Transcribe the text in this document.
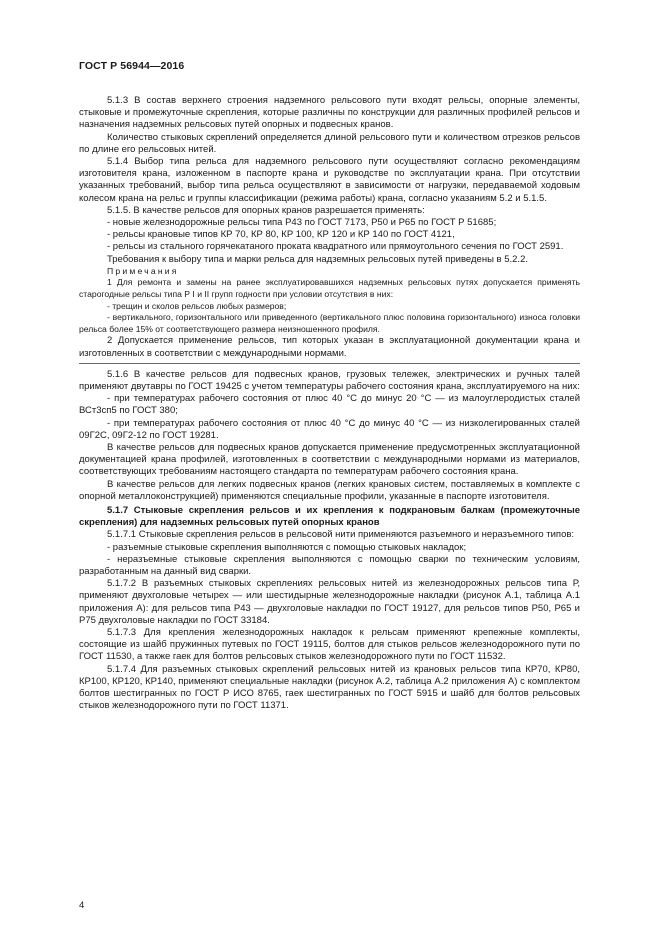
ГОСТ Р 56944—2016

5.1.3 В состав верхнего строения надземного рельсового пути входят рельсы, опорные элементы, стыковые и промежуточные скрепления, которые различны по конструкции для различных профилей рельсов и назначения надземных рельсовых путей опорных и подвесных кранов.

Количество стыковых скреплений определяется длиной рельсового пути и количеством отрезков рельсов по длине его рельсовых нитей.

5.1.4 Выбор типа рельса для надземного рельсового пути осуществляют согласно рекомендациям изготовителя крана, изложенном в паспорте крана и руководстве по эксплуатации крана. При отсутствии указанных требований, выбор типа рельса осуществляют в зависимости от нагрузки, передаваемой ходовым колесом крана на рельс и группы классификации (режима работы) крана, согласно указаниям 5.2 и 5.1.5.

5.1.5. В качестве рельсов для опорных кранов разрешается применять:

- новые железнодорожные рельсы типа Р43 по ГОСТ 7173, Р50 и Р65 по ГОСТ Р 51685;

- рельсы крановые типов КР 70, КР 80, КР 100, КР 120 и КР 140 по ГОСТ 4121,

- рельсы из стального горячекатаного проката квадратного или прямоугольного сечения по ГОСТ 2591.

Требования к выбору типа и марки рельса для надземных рельсовых путей приведены в 5.2.2.

Примечания

1 Для ремонта и замены на ранее эксплуатировавшихся надземных рельсовых путях допускается применять старогодные рельсы типа Р I и II групп годности при условии отсутствия в них:

- трещин и сколов рельсов любых размеров;

- вертикального, горизонтального или приведенного (вертикального плюс половина горизонтального) износа головки рельса более 15% от соответствующего размера неизношенного профиля.

2 Допускается применение рельсов, тип которых указан в эксплуатационной документации крана и изготовленных в соответствии с международными нормами.

5.1.6 В качестве рельсов для подвесных кранов, грузовых тележек, электрических и ручных талей применяют двутавры по ГОСТ 19425 с учетом температуры рабочего состояния крана, эксплуатируемого на них:

- при температурах рабочего состояния от плюс 40 °С до минус 20 °С — из малоуглеродистых сталей ВСт3сп5 по ГОСТ 380;

- при температурах рабочего состояния от плюс 40 °С до минус 40 °С — из низколегированных сталей 09Г2С, 09Г2-12 по ГОСТ 19281.

В качестве рельсов для подвесных кранов допускается применение предусмотренных эксплуатационной документацией крана профилей, изготовленных в соответствии с международными нормами из материалов, соответствующих требованиям настоящего стандарта по температурам рабочего состояния крана.

В качестве рельсов для легких подвесных кранов (легких крановых систем, поставляемых в комплекте с опорной металлоконструкцией) применяются специальные профили, указанные в паспорте изготовителя.

5.1.7 Стыковые скрепления рельсов и их крепления к подкрановым балкам (промежуточные скрепления) для надземных рельсовых путей опорных кранов

5.1.7.1 Стыковые скрепления рельсов в рельсовой нити применяются разъемного и неразъемного типов:

- разъемные стыковые скрепления выполняются с помощью стыковых накладок;

- неразъемные стыковые скрепления выполняются с помощью сварки по техническим условиям, разработанным на данный вид сварки.

5.1.7.2 В разъемных стыковых скреплениях рельсовых нитей из железнодорожных рельсов типа Р, применяют двухголовые четырех — или шестидырные железнодорожные накладки (рисунок А.1, таблица А.1 приложения А): для рельсов типа Р43 — двухголовые накладки по ГОСТ 19127, для рельсов типов Р50, Р65 и Р75 двухголовые накладки по ГОСТ 33184.

5.1.7.3 Для крепления железнодорожных накладок к рельсам применяют крепежные комплекты, состоящие из шайб пружинных путевых по ГОСТ 19115, болтов для стыков рельсов железнодорожного пути по ГОСТ 11530, а также гаек для болтов рельсовых стыков железнодорожного пути по ГОСТ 11532.

5.1.7.4 Для разъемных стыковых скреплений рельсовых нитей из крановых рельсов типа КР70, КР80, КР100, КР120, КР140, применяют специальные накладки (рисунок А.2, таблица А.2 приложения А) с комплектом болтов шестигранных по ГОСТ Р ИСО 8765, гаек шестигранных по ГОСТ 5915 и шайб для болтов рельсовых стыков железнодорожного пути по ГОСТ 11371.

4
